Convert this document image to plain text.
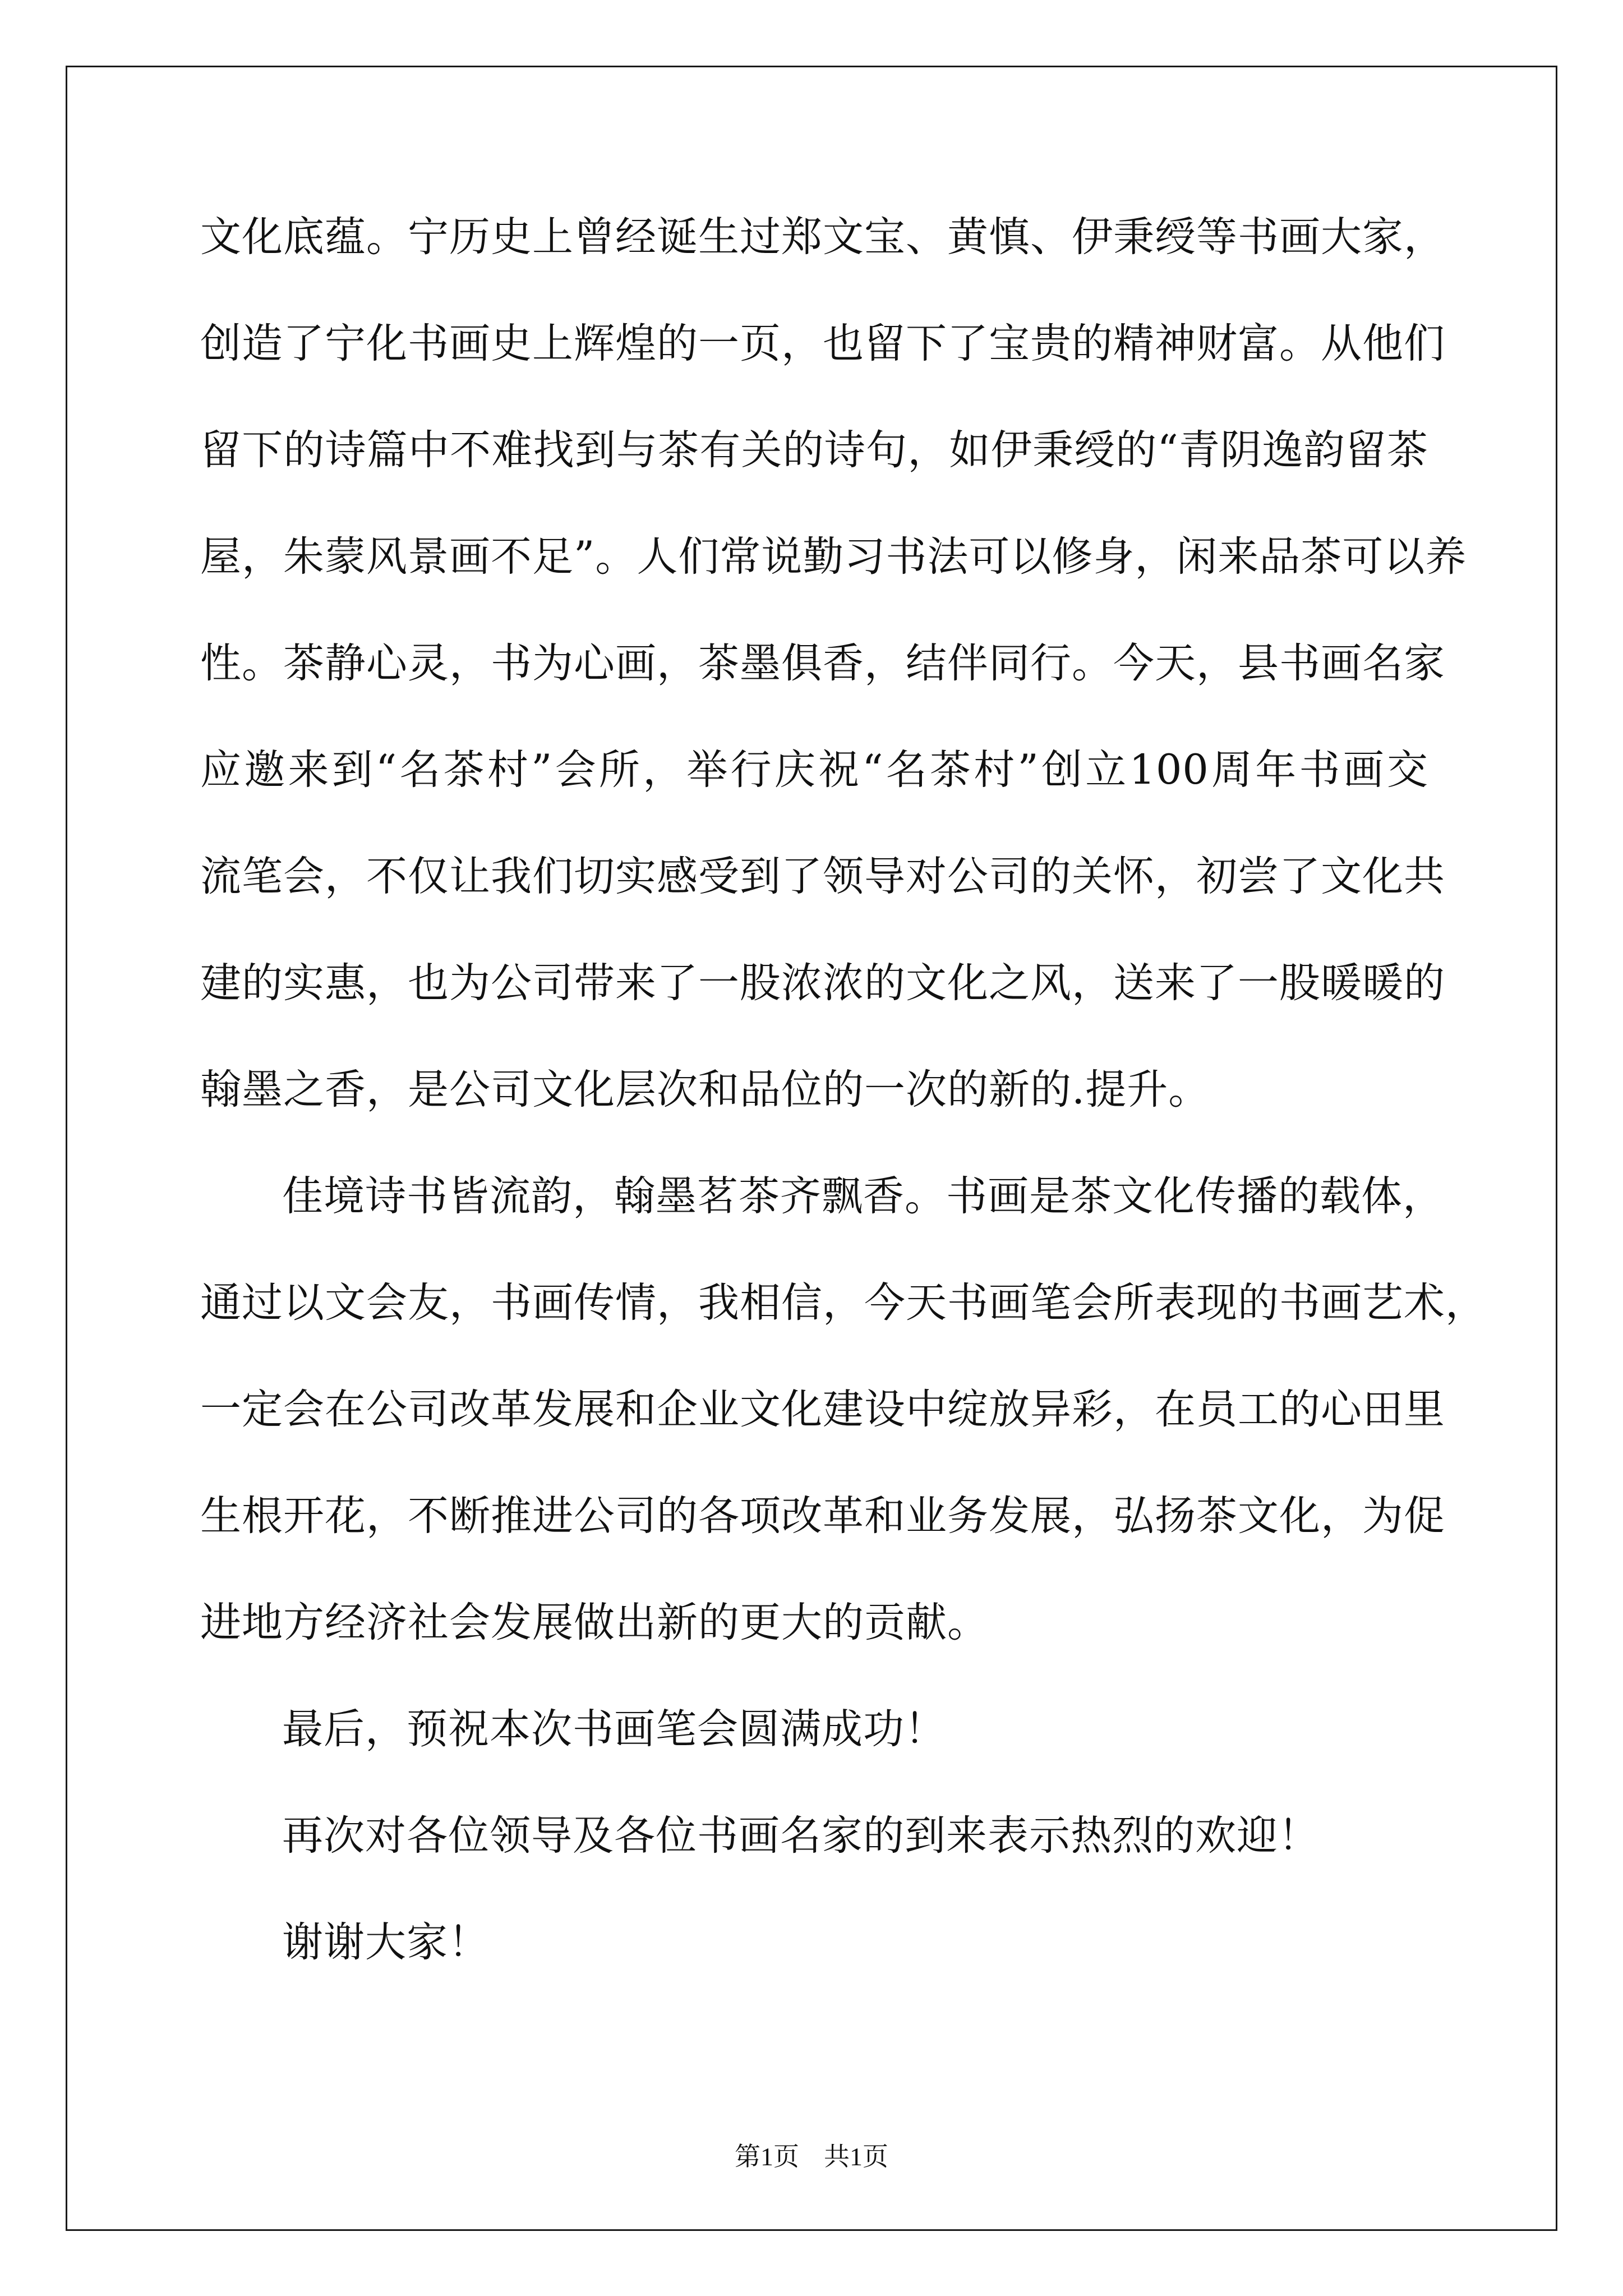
文化底蕴。宁历史上曾经诞生过郑文宝、黄慎、伊秉绶等书画大家，
创造了宁化书画史上辉煌的一页，也留下了宝贵的精神财富。从他们
留下的诗篇中不难找到与茶有关的诗句，如伊秉绶的“青阴逸韵留茶
屋，朱蒙风景画不足”。人们常说勤习书法可以修身，闲来品茶可以养
性。茶静心灵，书为心画，茶墨俱香，结伴同行。今天，县书画名家
应邀来到“名茶村”会所，举行庆祝“名茶村”创立100周年书画交
流笔会，不仅让我们切实感受到了领导对公司的关怀，初尝了文化共
建的实惠，也为公司带来了一股浓浓的文化之风，送来了一股暖暖的
翰墨之香，是公司文化层次和品位的一次的新的.提升。
佳境诗书皆流韵，翰墨茗茶齐飘香。书画是茶文化传播的载体，
通过以文会友，书画传情，我相信，今天书画笔会所表现的书画艺术，
一定会在公司改革发展和企业文化建设中绽放异彩，在员工的心田里
生根开花，不断推进公司的各项改革和业务发展，弘扬茶文化，为促
进地方经济社会发展做出新的更大的贡献。
最后，预祝本次书画笔会圆满成功！
再次对各位领导及各位书画名家的到来表示热烈的欢迎！
谢谢大家！
第1页 共1页
